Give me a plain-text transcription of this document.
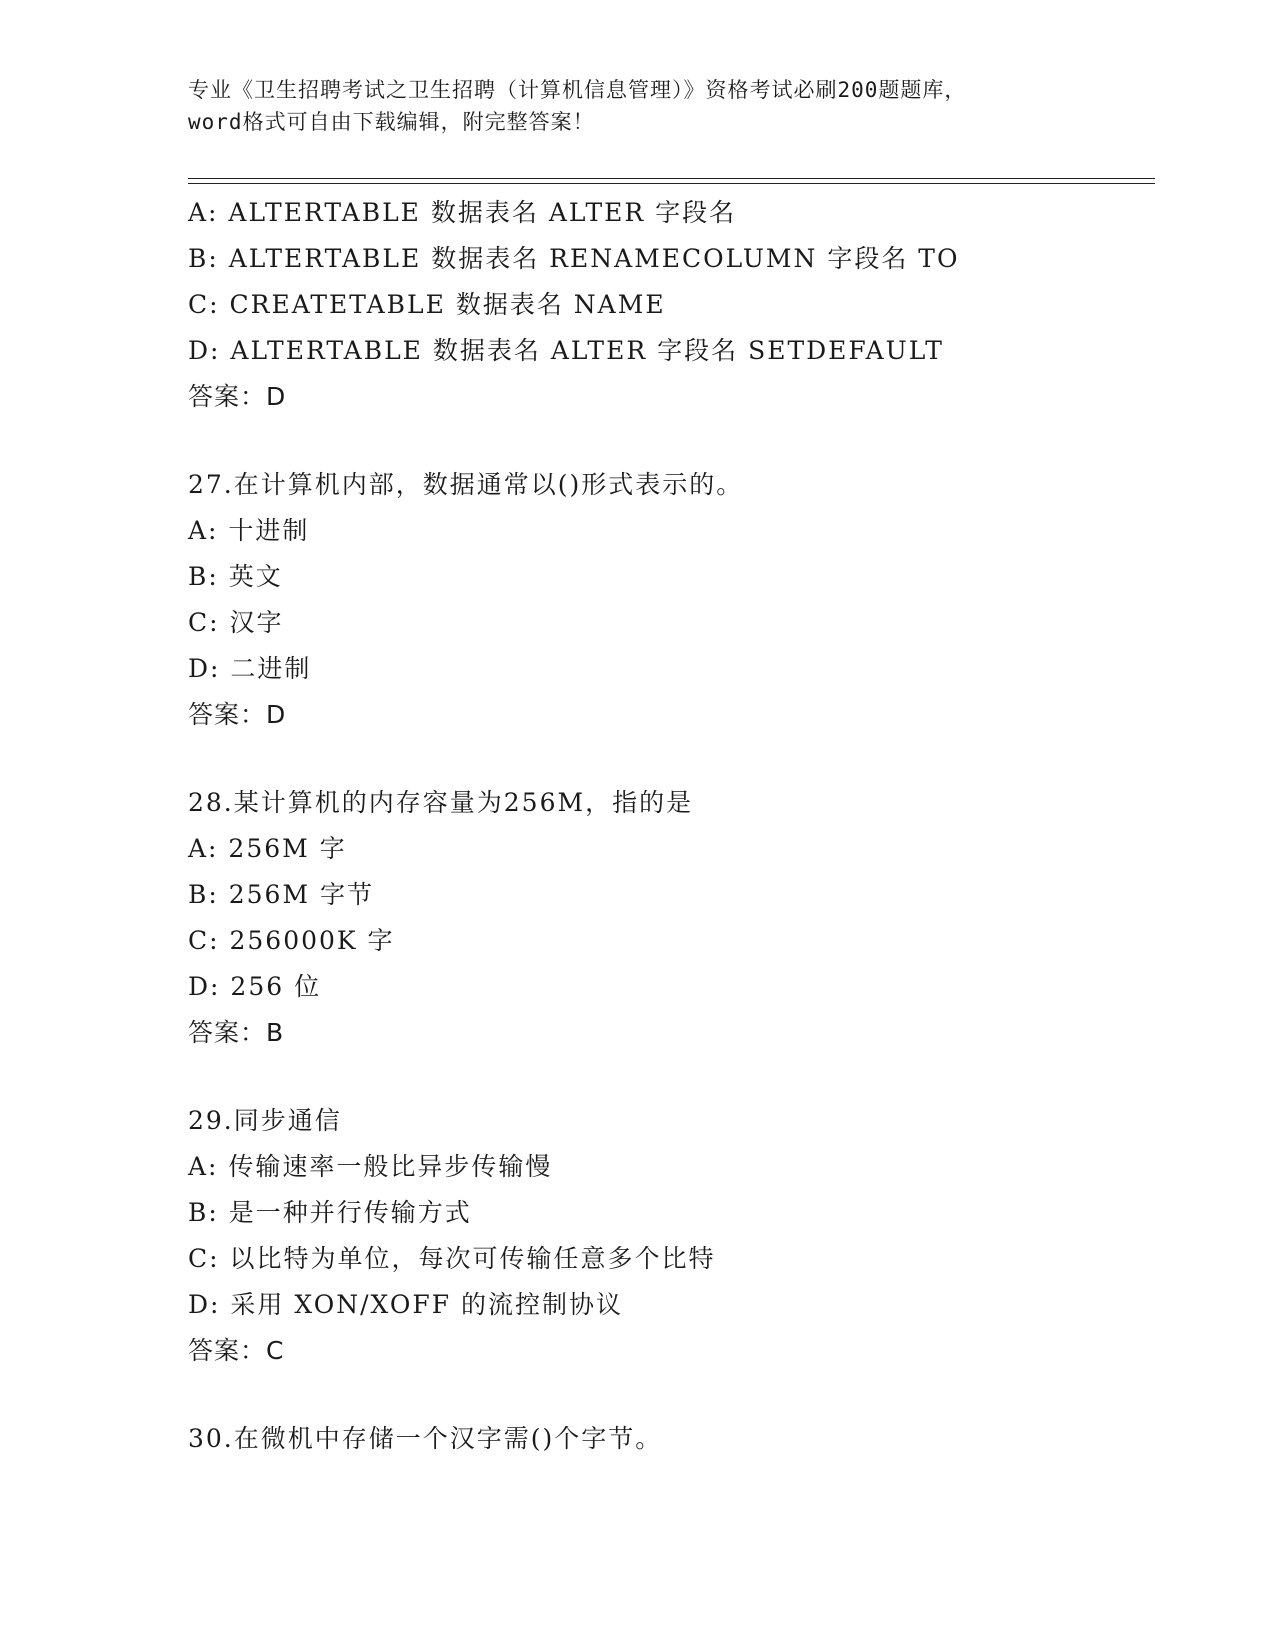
专业《卫生招聘考试之卫生招聘（计算机信息管理）》资格考试必刷200题题库，
word格式可自由下载编辑，附完整答案！
A: ALTERTABLE 数据表名 ALTER 字段名
B: ALTERTABLE 数据表名 RENAMECOLUMN 字段名 TO
C: CREATETABLE 数据表名 NAME
D: ALTERTABLE 数据表名 ALTER 字段名 SETDEFAULT
答案：D
27.在计算机内部，数据通常以()形式表示的。
A: 十进制
B: 英文
C: 汉字
D: 二进制
答案：D
28.某计算机的内存容量为256M，指的是
A: 256M 字
B: 256M 字节
C: 256000K 字
D: 256 位
答案：B
29.同步通信
A: 传输速率一般比异步传输慢
B: 是一种并行传输方式
C: 以比特为单位，每次可传输任意多个比特
D: 采用 XON/XOFF 的流控制协议
答案：C
30.在微机中存储一个汉字需()个字节。
